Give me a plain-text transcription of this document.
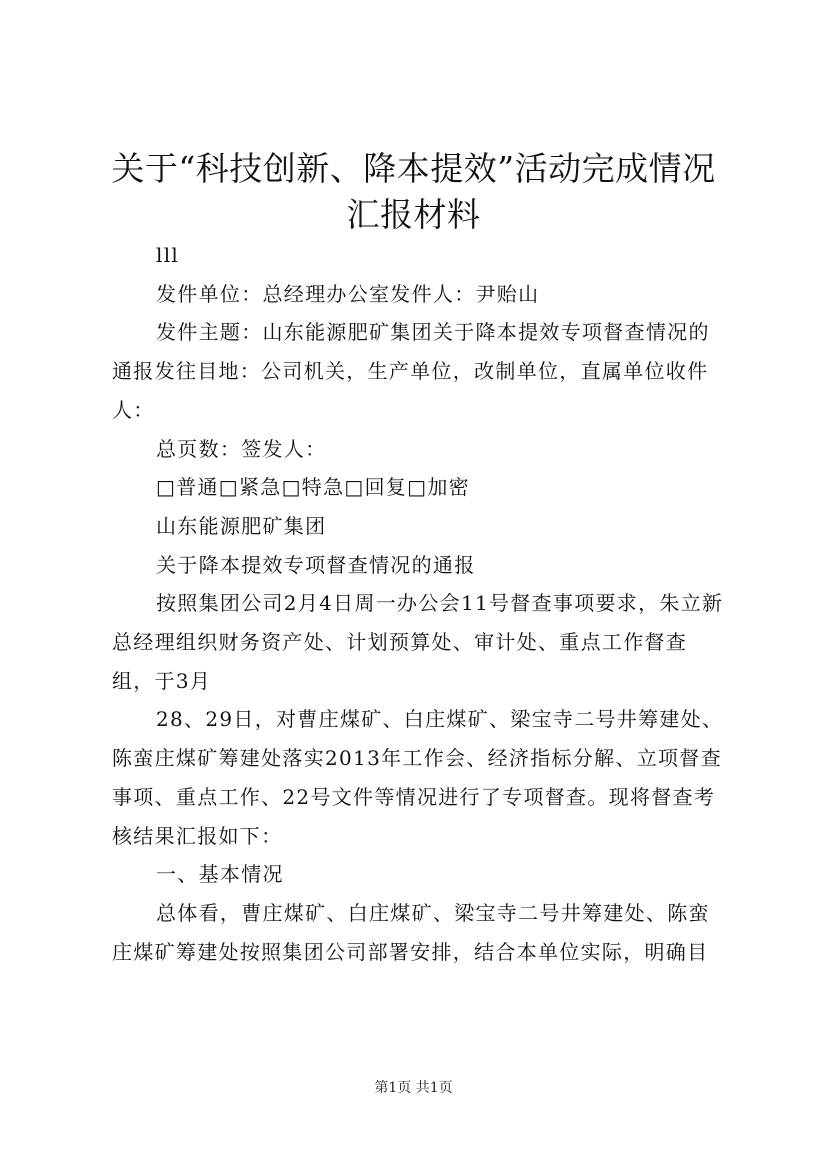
关于“科技创新、降本提效”活动完成情况汇报材料

lll

发件单位：总经理办公室发件人：尹贻山

发件主题：山东能源肥矿集团关于降本提效专项督查情况的通报发往目地：公司机关，生产单位，改制单位，直属单位收件人：

总页数：签发人：

□普通□紧急□特急□回复□加密

山东能源肥矿集团

关于降本提效专项督查情况的通报

按照集团公司2月4日周一办公会11号督查事项要求，朱立新总经理组织财务资产处、计划预算处、审计处、重点工作督查组，于3月

28、29日，对曹庄煤矿、白庄煤矿、梁宝寺二号井筹建处、陈蛮庄煤矿筹建处落实2013年工作会、经济指标分解、立项督查事项、重点工作、22号文件等情况进行了专项督查。现将督查考核结果汇报如下：

一、基本情况

总体看，曹庄煤矿、白庄煤矿、梁宝寺二号井筹建处、陈蛮庄煤矿筹建处按照集团公司部署安排，结合本单位实际，明确目

第1页 共1页
